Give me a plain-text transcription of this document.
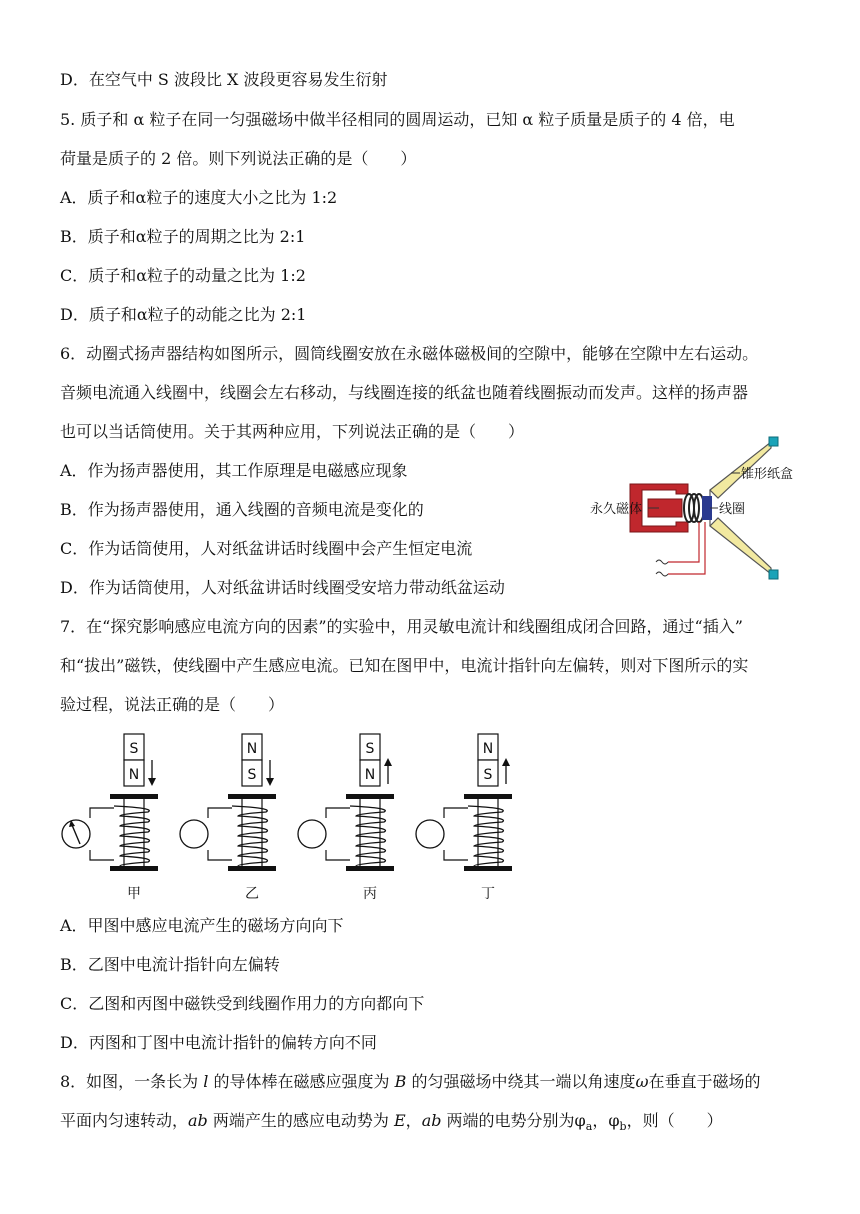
D．在空气中 S 波段比 X 波段更容易发生衍射
5. 质子和 α 粒子在同一匀强磁场中做半径相同的圆周运动，已知 α 粒子质量是质子的 4 倍，电
荷量是质子的 2 倍。则下列说法正确的是（　　）
A．质子和α粒子的速度大小之比为 1:2
B．质子和α粒子的周期之比为 2:1
C．质子和α粒子的动量之比为 1:2
D．质子和α粒子的动能之比为 2:1
6．动圈式扬声器结构如图所示，圆筒线圈安放在永磁体磁极间的空隙中，能够在空隙中左右运动。
音频电流通入线圈中，线圈会左右移动，与线圈连接的纸盆也随着线圈振动而发声。这样的扬声器
也可以当话筒使用。关于其两种应用，下列说法正确的是（　　）
A．作为扬声器使用，其工作原理是电磁感应现象
B．作为扬声器使用，通入线圈的音频电流是变化的
C．作为话筒使用，人对纸盆讲话时线圈中会产生恒定电流
D．作为话筒使用，人对纸盆讲话时线圈受安培力带动纸盆运动
锥形纸盒
永久磁体	线圈
7．在“探究影响感应电流方向的因素”的实验中，用灵敏电流计和线圈组成闭合回路，通过“插入”
和“拔出”磁铁，使线圈中产生感应电流。已知在图甲中，电流计指针向左偏转，则对下图所示的实
验过程，说法正确的是（　　）
S
N
甲
N
S
乙
S
N
丙
N
S
丁
A．甲图中感应电流产生的磁场方向向下
B．乙图中电流计指针向左偏转
C．乙图和丙图中磁铁受到线圈作用力的方向都向下
D．丙图和丁图中电流计指针的偏转方向不同
8．如图，一条长为 l 的导体棒在磁感应强度为 B 的匀强磁场中绕其一端以角速度ω在垂直于磁场的
平面内匀速转动，ab 两端产生的感应电动势为 E，ab 两端的电势分别为$\varphi_a$，$\varphi_b$，则（　　）
